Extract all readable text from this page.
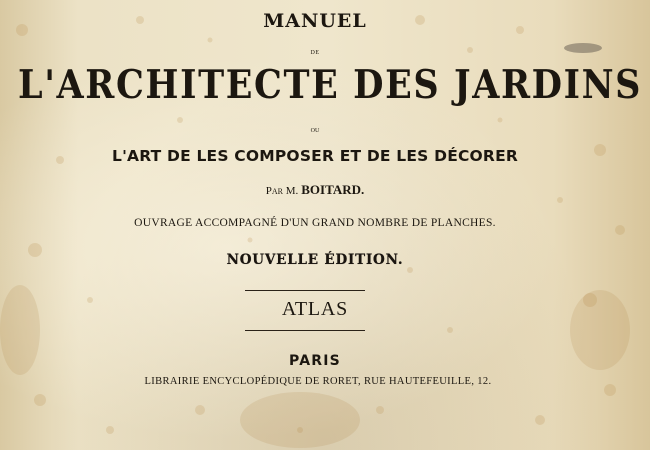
MANUEL
DE
L'ARCHITECTE DES JARDINS
OU
L'ART DE LES COMPOSER ET DE LES DÉCORER
Par M. BOITARD.
OUVRAGE ACCOMPAGNÉ D'UN GRAND NOMBRE DE PLANCHES.
NOUVELLE ÉDITION.
ATLAS
PARIS
LIBRAIRIE ENCYCLOPÉDIQUE DE RORET, RUE HAUTEFEUILLE, 12.
